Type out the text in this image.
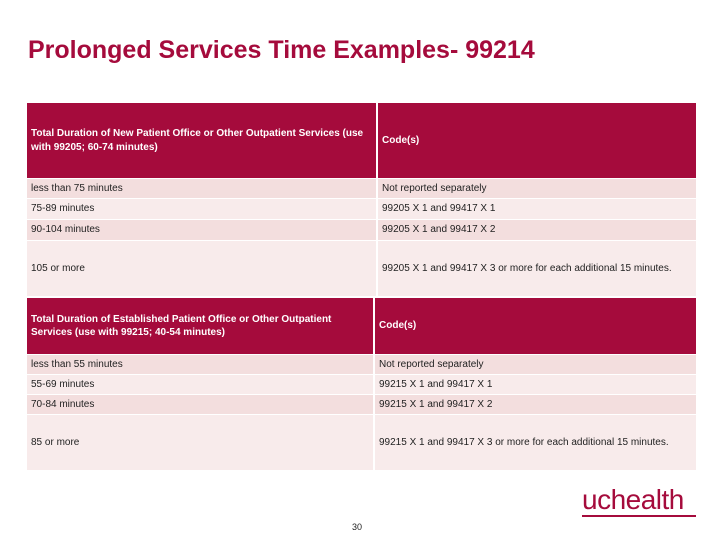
Prolonged Services Time Examples- 99214
Total Duration of New Patient Office or Other Outpatient Services (use with 99205; 60-74 minutes)	Code(s)
less than 75 minutes	Not reported separately
75-89 minutes	99205 X 1 and 99417 X 1
90-104 minutes	99205 X 1 and 99417 X 2
105 or more	99205 X 1 and 99417 X 3 or more for each additional 15 minutes.
Total Duration of Established Patient Office or Other Outpatient Services (use with 99215; 40-54 minutes)	Code(s)
less than 55 minutes	Not reported separately
55-69 minutes	99215 X 1 and 99417 X 1
70-84 minutes	99215 X 1 and 99417 X 2
85 or more	99215 X 1 and 99417 X 3 or more for each additional 15 minutes.
30
uchealth
